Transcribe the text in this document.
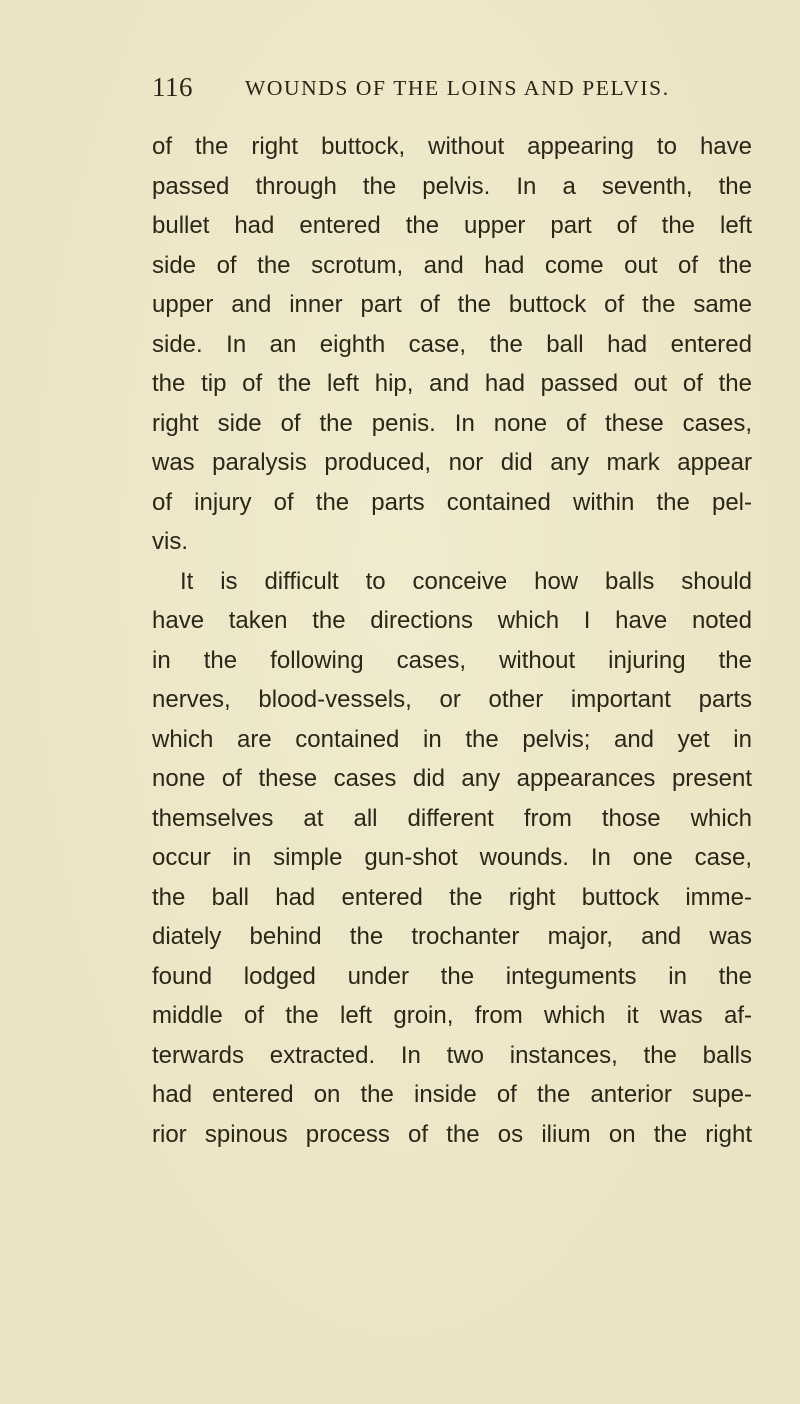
116 WOUNDS OF THE LOINS AND PELVIS.
of the right buttock, without appearing to have
passed through the pelvis. In a seventh, the
bullet had entered the upper part of the left
side of the scrotum, and had come out of the
upper and inner part of the buttock of the same
side. In an eighth case, the ball had entered
the tip of the left hip, and had passed out of the
right side of the penis. In none of these cases,
was paralysis produced, nor did any mark appear
of injury of the parts contained within the pel-
vis.
It is difficult to conceive how balls should
have taken the directions which I have noted
in the following cases, without injuring the
nerves, blood-vessels, or other important parts
which are contained in the pelvis; and yet in
none of these cases did any appearances present
themselves at all different from those which
occur in simple gun-shot wounds. In one case,
the ball had entered the right buttock imme-
diately behind the trochanter major, and was
found lodged under the integuments in the
middle of the left groin, from which it was af-
terwards extracted. In two instances, the balls
had entered on the inside of the anterior supe-
rior spinous process of the os ilium on the right
